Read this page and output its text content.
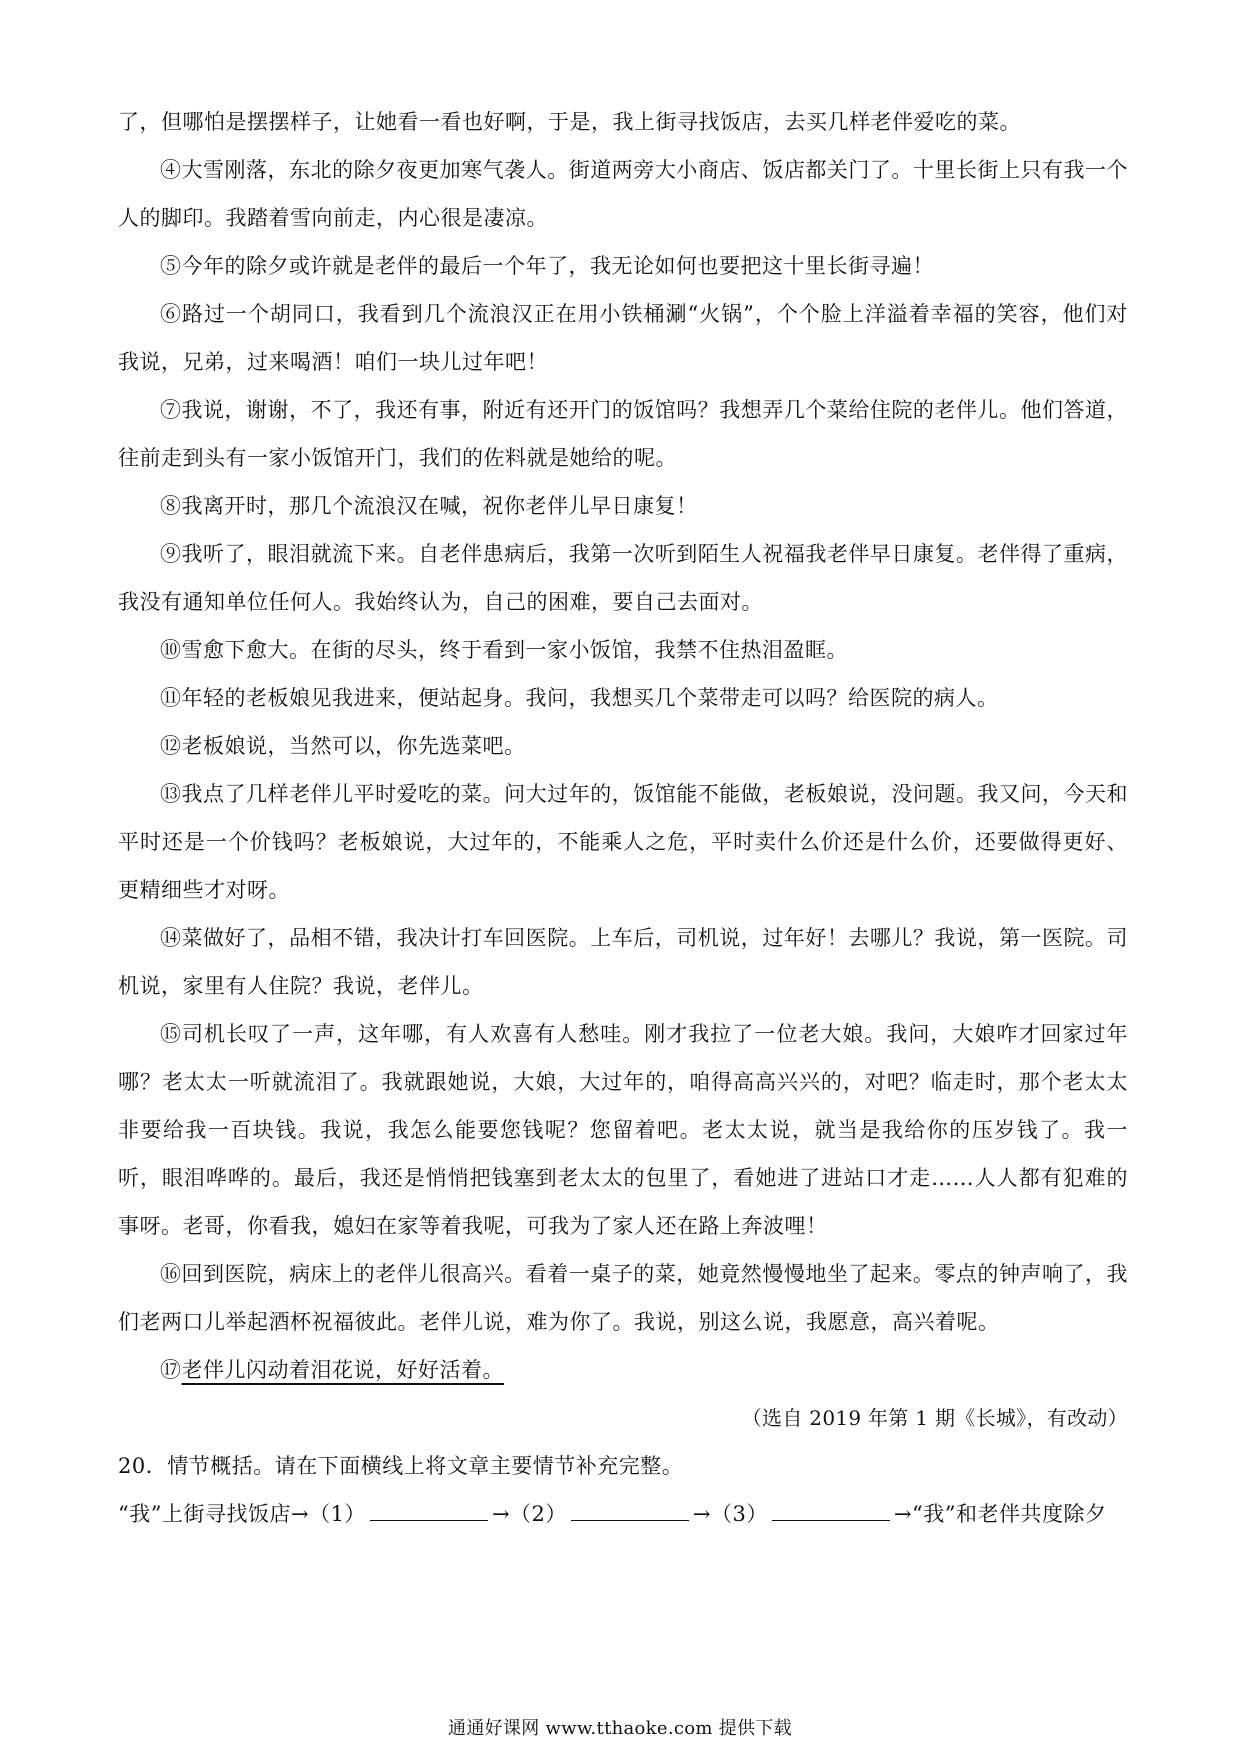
了，但哪怕是摆摆样子，让她看一看也好啊，于是，我上街寻找饭店，去买几样老伴爱吃的菜。

④大雪刚落，东北的除夕夜更加寒气袭人。街道两旁大小商店、饭店都关门了。十里长街上只有我一个人的脚印。我踏着雪向前走，内心很是凄凉。

⑤今年的除夕或许就是老伴的最后一个年了，我无论如何也要把这十里长街寻遍！

⑥路过一个胡同口，我看到几个流浪汉正在用小铁桶涮“火锅”，个个脸上洋溢着幸福的笑容，他们对我说，兄弟，过来喝酒！咱们一块儿过年吧！

⑦我说，谢谢，不了，我还有事，附近有还开门的饭馆吗？我想弄几个菜给住院的老伴儿。他们答道，往前走到头有一家小饭馆开门，我们的佐料就是她给的呢。

⑧我离开时，那几个流浪汉在喊，祝你老伴儿早日康复！

⑨我听了，眼泪就流下来。自老伴患病后，我第一次听到陌生人祝福我老伴早日康复。老伴得了重病，我没有通知单位任何人。我始终认为，自己的困难，要自己去面对。

⑩雪愈下愈大。在街的尽头，终于看到一家小饭馆，我禁不住热泪盈眶。

⑪年轻的老板娘见我进来，便站起身。我问，我想买几个菜带走可以吗？给医院的病人。

⑫老板娘说，当然可以，你先选菜吧。

⑬我点了几样老伴儿平时爱吃的菜。问大过年的，饭馆能不能做，老板娘说，没问题。我又问，今天和平时还是一个价钱吗？老板娘说，大过年的，不能乘人之危，平时卖什么价还是什么价，还要做得更好、更精细些才对呀。

⑭菜做好了，品相不错，我决计打车回医院。上车后，司机说，过年好！去哪儿？我说，第一医院。司机说，家里有人住院？我说，老伴儿。

⑮司机长叹了一声，这年哪，有人欢喜有人愁哇。刚才我拉了一位老大娘。我问，大娘咋才回家过年哪？老太太一听就流泪了。我就跟她说，大娘，大过年的，咱得高高兴兴的，对吧？临走时，那个老太太非要给我一百块钱。我说，我怎么能要您钱呢？您留着吧。老太太说，就当是我给你的压岁钱了。我一听，眼泪哗哗的。最后，我还是悄悄把钱塞到老太太的包里了，看她进了进站口才走……人人都有犯难的事呀。老哥，你看我，媳妇在家等着我呢，可我为了家人还在路上奔波哩！

⑯回到医院，病床上的老伴儿很高兴。看着一桌子的菜，她竟然慢慢地坐了起来。零点的钟声响了，我们老两口儿举起酒杯祝福彼此。老伴儿说，难为你了。我说，别这么说，我愿意，高兴着呢。

⑰老伴儿闪动着泪花说，好好活着。

（选自 2019 年第 1 期《长城》，有改动）

20．情节概括。请在下面横线上将文章主要情节补充完整。

“我”上街寻找饭店→（1）	→（2）	→（3）	→“我”和老伴共度除夕

通通好课网 www.tthaoke.com 提供下载
